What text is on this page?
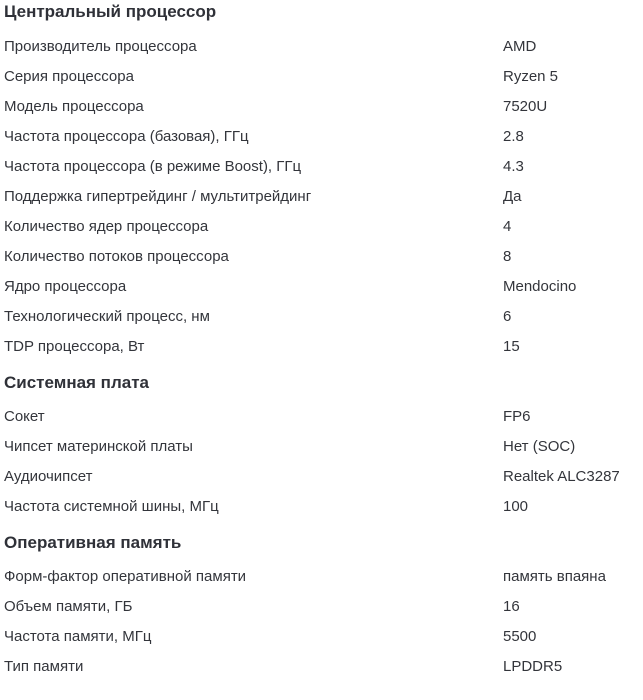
Центральный процессор
Производитель процессора	AMD
Серия процессора	Ryzen 5
Модель процессора	7520U
Частота процессора (базовая), ГГц	2.8
Частота процессора (в режиме Boost), ГГц	4.3
Поддержка гипертрейдинг / мультитрейдинг	Да
Количество ядер процессора	4
Количество потоков процессора	8
Ядро процессора	Mendocino
Технологический процесс, нм	6
TDP процессора, Вт	15
Системная плата
Сокет	FP6
Чипсет материнской платы	Нет (SOC)
Аудиочипсет	Realtek ALC3287
Частота системной шины, МГц	100
Оперативная память
Форм-фактор оперативной памяти	память впаяна
Объем памяти, ГБ	16
Частота памяти, МГц	5500
Тип памяти	LPDDR5
